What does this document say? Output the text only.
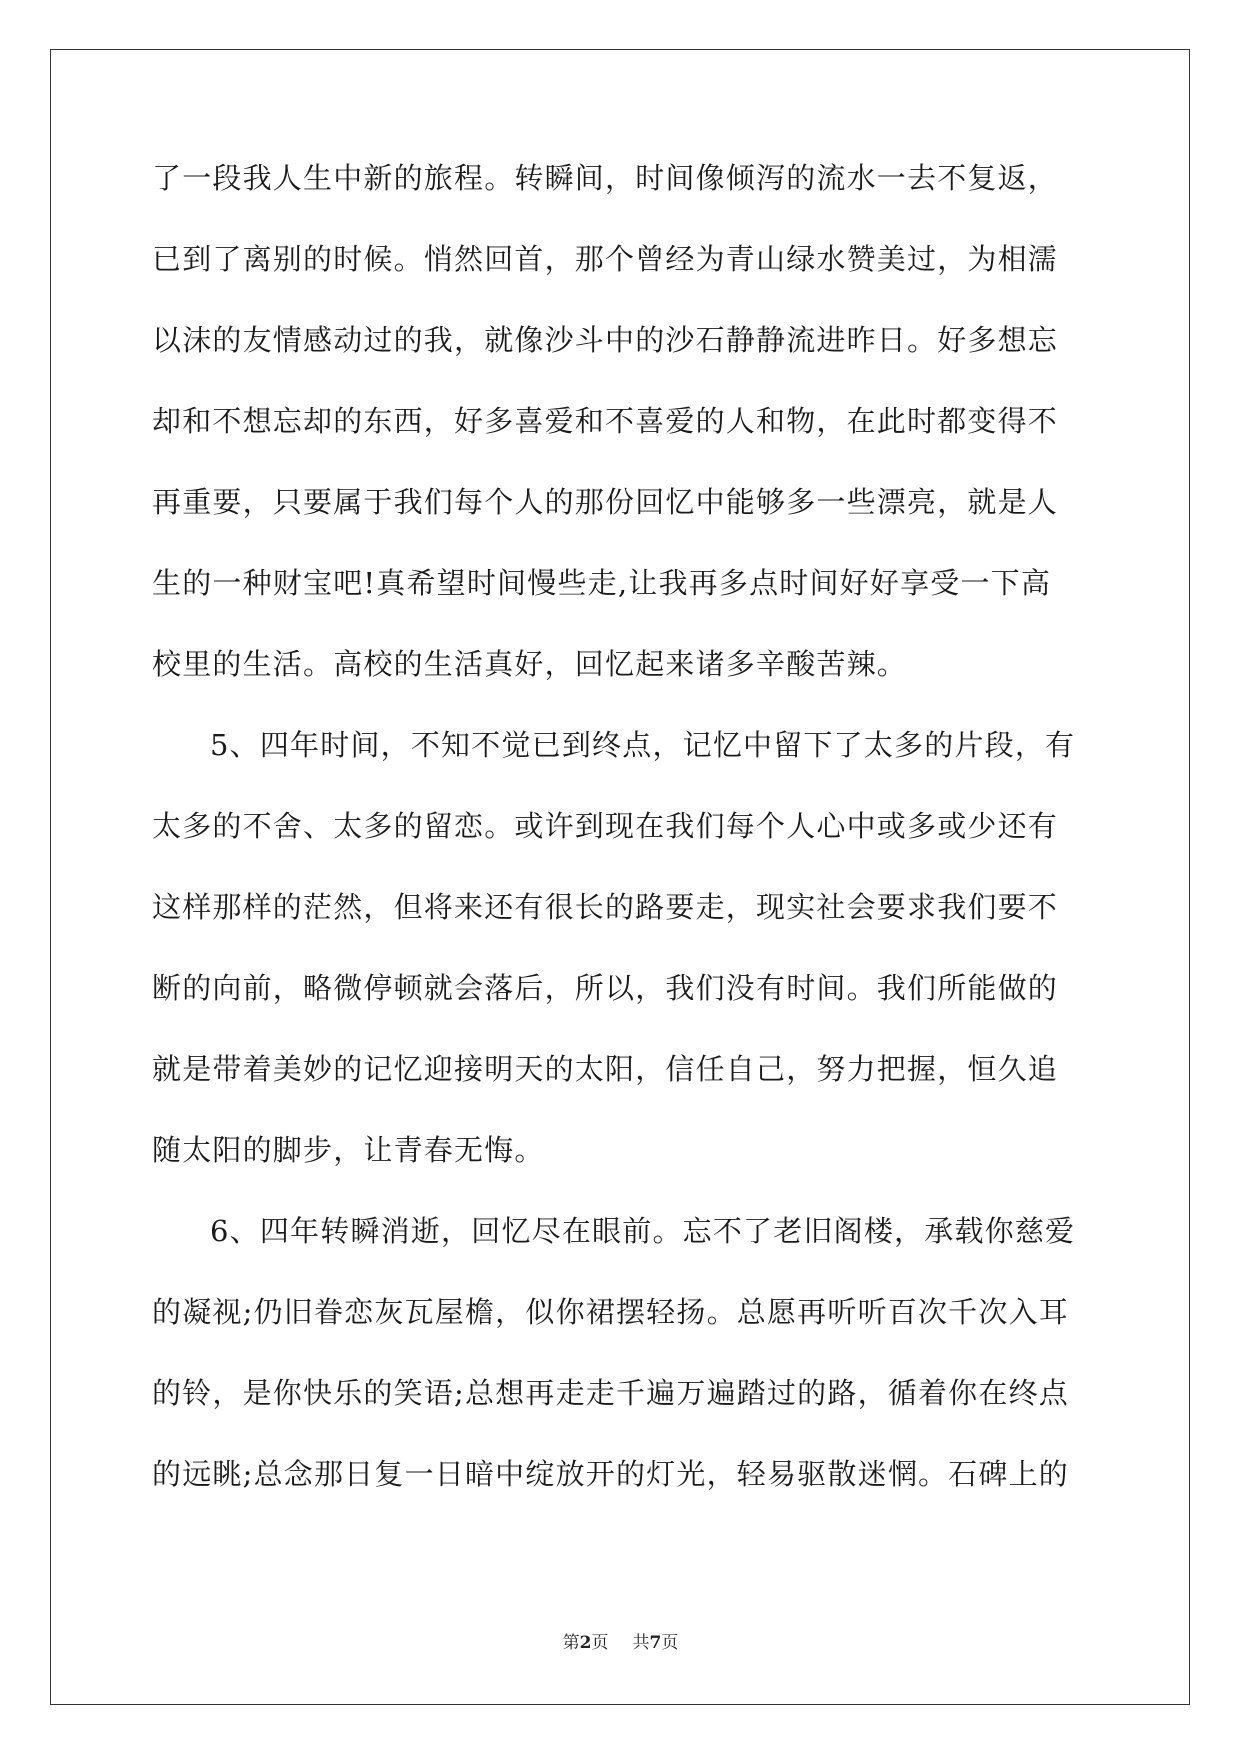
了一段我人生中新的旅程。转瞬间，时间像倾泻的流水一去不复返，
已到了离别的时候。悄然回首，那个曾经为青山绿水赞美过，为相濡
以沫的友情感动过的我，就像沙斗中的沙石静静流进昨日。好多想忘
却和不想忘却的东西，好多喜爱和不喜爱的人和物，在此时都变得不
再重要，只要属于我们每个人的那份回忆中能够多一些漂亮，就是人
生的一种财宝吧!真希望时间慢些走,让我再多点时间好好享受一下高
校里的生活。高校的生活真好，回忆起来诸多辛酸苦辣。
5、四年时间，不知不觉已到终点，记忆中留下了太多的片段，有
太多的不舍、太多的留恋。或许到现在我们每个人心中或多或少还有
这样那样的茫然，但将来还有很长的路要走，现实社会要求我们要不
断的向前，略微停顿就会落后，所以，我们没有时间。我们所能做的
就是带着美妙的记忆迎接明天的太阳，信任自己，努力把握，恒久追
随太阳的脚步，让青春无悔。
6、四年转瞬消逝，回忆尽在眼前。忘不了老旧阁楼，承载你慈爱
的凝视;仍旧眷恋灰瓦屋檐，似你裙摆轻扬。总愿再听听百次千次入耳
的铃，是你快乐的笑语;总想再走走千遍万遍踏过的路，循着你在终点
的远眺;总念那日复一日暗中绽放开的灯光，轻易驱散迷惘。石碑上的
第2页 共7页
